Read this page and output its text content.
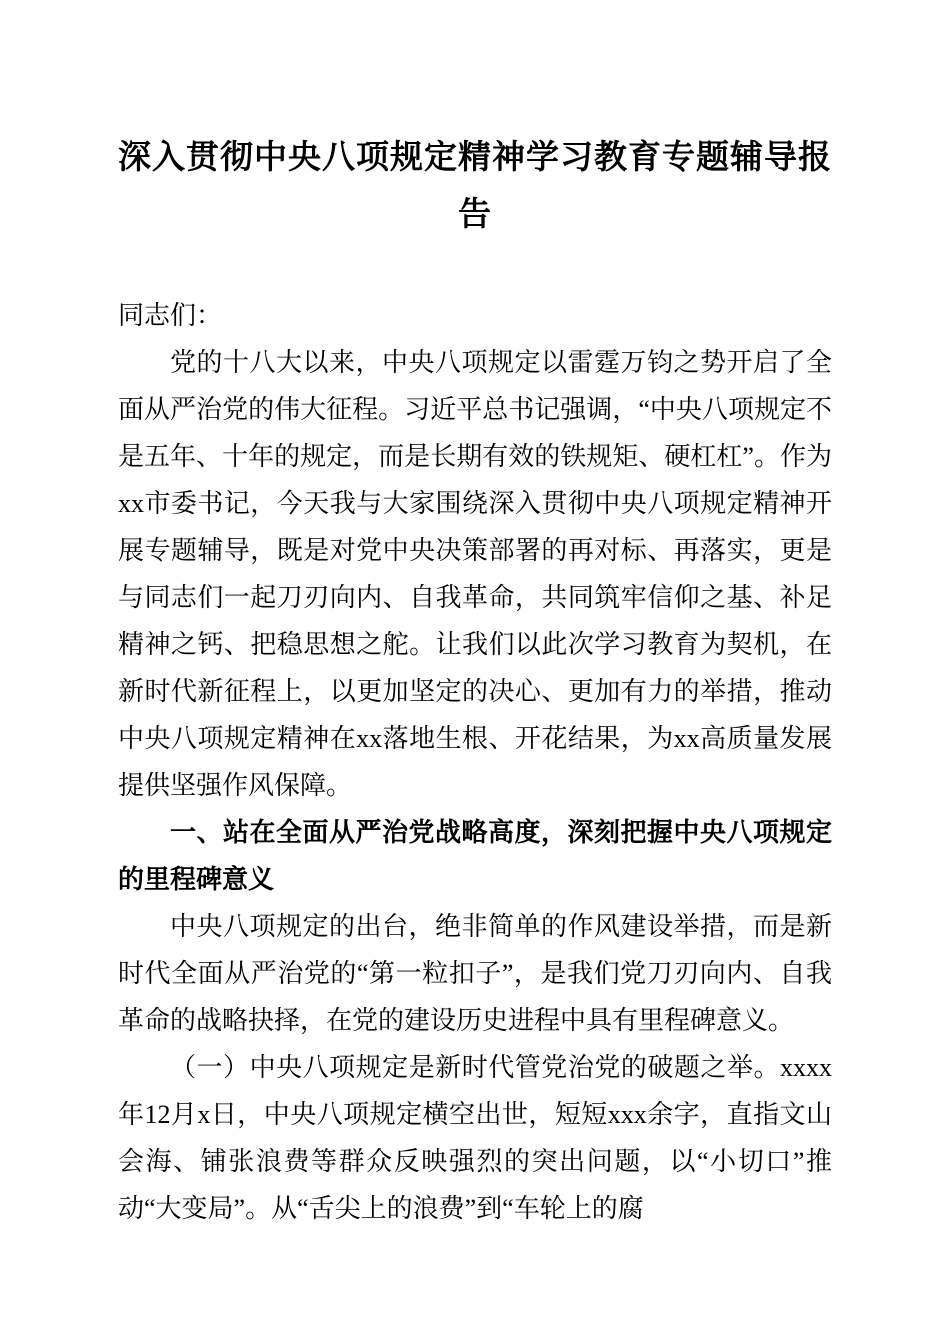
深入贯彻中央八项规定精神学习教育专题辅导报告

同志们：

党的十八大以来，中央八项规定以雷霆万钧之势开启了全面从严治党的伟大征程。习近平总书记强调，“中央八项规定不是五年、十年的规定，而是长期有效的铁规矩、硬杠杠”。作为xx市委书记，今天我与大家围绕深入贯彻中央八项规定精神开展专题辅导，既是对党中央决策部署的再对标、再落实，更是与同志们一起刀刃向内、自我革命，共同筑牢信仰之基、补足精神之钙、把稳思想之舵。让我们以此次学习教育为契机，在新时代新征程上，以更加坚定的决心、更加有力的举措，推动中央八项规定精神在xx落地生根、开花结果，为xx高质量发展提供坚强作风保障。

一、站在全面从严治党战略高度，深刻把握中央八项规定的里程碑意义

中央八项规定的出台，绝非简单的作风建设举措，而是新时代全面从严治党的“第一粒扣子”，是我们党刀刃向内、自我革命的战略抉择，在党的建设历史进程中具有里程碑意义。

（一）中央八项规定是新时代管党治党的破题之举。xxxx年12月x日，中央八项规定横空出世，短短xxx余字，直指文山会海、铺张浪费等群众反映强烈的突出问题，以“小切口”推动“大变局”。从“舌尖上的浪费”到“车轮上的腐
